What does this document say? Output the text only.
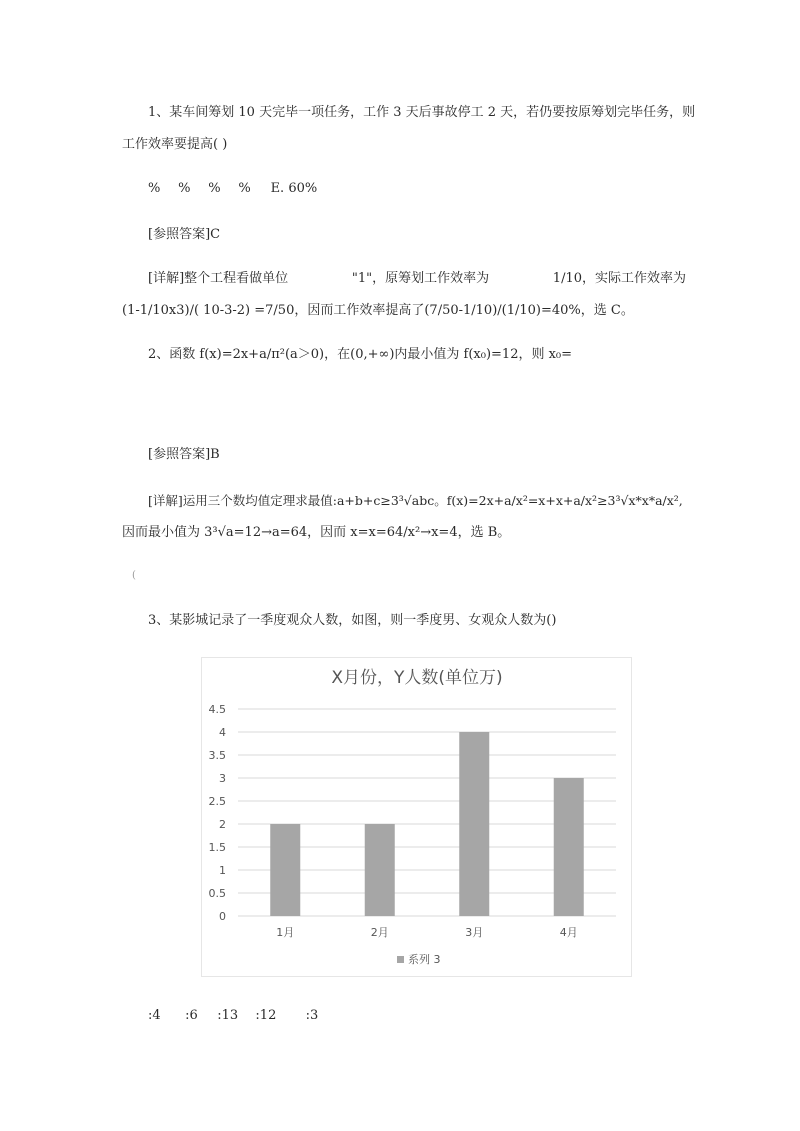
1、某车间筹划 10 天完毕一项任务，工作 3 天后事故停工 2 天，若仍要按原筹划完毕任务，则
工作效率要提高( )
% % % % E. 60%
[参照答案]C
[详解]整个工程看做单位	"1"，原筹划工作效率为	1/10，实际工作效率为
(1-1/10x3)/( 10-3-2) =7/50，因而工作效率提高了(7/50-1/10)/(1/10)=40%，选 C。
2、函数 f(x)=2x+a/π²(a＞0)，在(0,+∞)内最小值为 f(x₀)=12，则 x₀=
[参照答案]B
[详解]运用三个数均值定理求最值:a+b+c≥3³√abc。f(x)=2x+a/x²=x+x+a/x²≥3³√x*x*a/x²,
因而最小值为 3³√a=12→a=64，因而 x=x=64/x²→x=4，选 B。
(
3、某影城记录了一季度观众人数，如图，则一季度男、女观众人数为()
X月份，Y人数(单位万)
0
0.5
1
1.5
2
2.5
3
3.5
4
4.5
1月	2月	3月	4月
系列 3
:4 :6 :13 :12 :3
